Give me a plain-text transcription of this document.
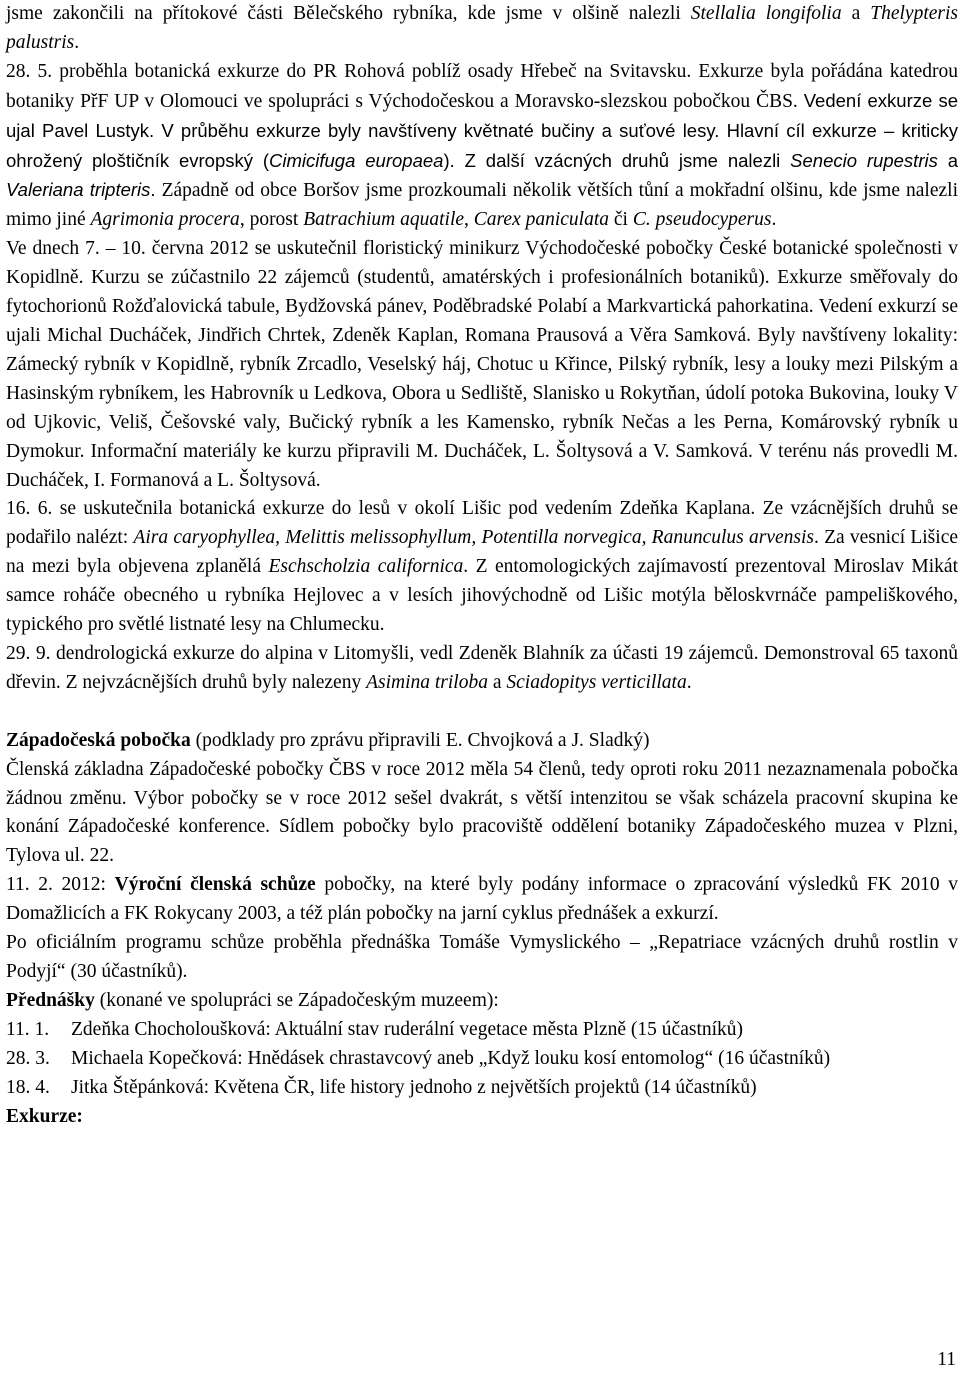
jsme zakončili na přítokové části Bělečského rybníka, kde jsme v olšině nalezli Stellalia longifolia a Thelypteris palustris.

28. 5. proběhla botanická exkurze do PR Rohová poblíž osady Hřebeč na Svitavsku. Exkurze byla pořádána katedrou botaniky PřF UP v Olomouci ve spolupráci s Východočeskou a Moravsko-slezskou pobočkou ČBS. Vedení exkurze se ujal Pavel Lustyk. V průběhu exkurze byly navštíveny květnaté bučiny a suťové lesy. Hlavní cíl exkurze – kriticky ohrožený ploštičník evropský (Cimicifuga europaea). Z další vzácných druhů jsme nalezli Senecio rupestris a Valeriana tripteris. Západně od obce Boršov jsme prozkoumali několik větších tůní a mokřadní olšinu, kde jsme nalezli mimo jiné Agrimonia procera, porost Batrachium aquatile, Carex paniculata či C. pseudocyperus.

Ve dnech 7. – 10. června 2012 se uskutečnil floristický minikurz Východočeské pobočky České botanické společnosti v Kopidlně. Kurzu se zúčastnilo 22 zájemců (studentů, amatérských i profesionálních botaniků). Exkurze směřovaly do fytochorionů Rožďalovická tabule, Bydžovská pánev, Poděbradské Polabí a Markvartická pahorkatina. Vedení exkurzí se ujali Michal Ducháček, Jindřich Chrtek, Zdeněk Kaplan, Romana Prausová a Věra Samková. Byly navštíveny lokality: Zámecký rybník v Kopidlně, rybník Zrcadlo, Veselský háj, Chotuc u Křince, Pilský rybník, lesy a louky mezi Pilským a Hasinským rybníkem, les Habrovník u Ledkova, Obora u Sedliště, Slanisko u Rokytňan, údolí potoka Bukovina, louky V od Ujkovic, Veliš, Češovské valy, Bučický rybník a les Kamensko, rybník Nečas a les Perna, Komárovský rybník u Dymokur. Informační materiály ke kurzu připravili M. Ducháček, L. Šoltysová a V. Samková. V terénu nás provedli M. Ducháček, I. Formanová a L. Šoltysová.

16. 6. se uskutečnila botanická exkurze do lesů v okolí Lišic pod vedením Zdeňka Kaplana. Ze vzácnějších druhů se podařilo nalézt: Aira caryophyllea, Melittis melissophyllum, Potentilla norvegica, Ranunculus arvensis. Za vesnicí Lišice na mezi byla objevena zplanělá Eschscholzia californica. Z entomologických zajímavostí prezentoval Miroslav Mikát samce roháče obecného u rybníka Hejlovec a v lesích jihovýchodně od Lišic motýla běloskvrnáče pampeliškového, typického pro světlé listnaté lesy na Chlumecku.

29. 9. dendrologická exkurze do alpina v Litomyšli, vedl Zdeněk Blahník za účasti 19 zájemců. Demonstroval 65 taxonů dřevin. Z nejvzácnějších druhů byly nalezeny Asimina triloba a Sciadopitys verticillata.

Západočeská pobočka (podklady pro zprávu připravili E. Chvojková a J. Sladký)

Členská základna Západočeské pobočky ČBS v roce 2012 měla 54 členů, tedy oproti roku 2011 nezaznamenala pobočka žádnou změnu. Výbor pobočky se v roce 2012 sešel dvakrát, s větší intenzitou se však scházela pracovní skupina ke konání Západočeské konference. Sídlem pobočky bylo pracoviště oddělení botaniky Západočeského muzea v Plzni, Tylova ul. 22.

11. 2. 2012: Výroční členská schůze pobočky, na které byly podány informace o zpracování výsledků FK 2010 v Domažlicích a FK Rokycany 2003, a též plán pobočky na jarní cyklus přednášek a exkurzí.

Po oficiálním programu schůze proběhla přednáška Tomáše Vymyslického – „Repatriace vzácných druhů rostlin v Podyjí“ (30 účastníků).

Přednášky (konané ve spolupráci se Západočeským muzeem):

11. 1.	Zdeňka Chocholoušková: Aktuální stav ruderální vegetace města Plzně (15 účastníků)
28. 3.	Michaela Kopečková: Hnědásek chrastavcový aneb „Když louku kosí entomolog“ (16 účastníků)
18. 4.	Jitka Štěpánková: Květena ČR, life history jednoho z největších projektů (14 účastníků)

Exkurze:

11
